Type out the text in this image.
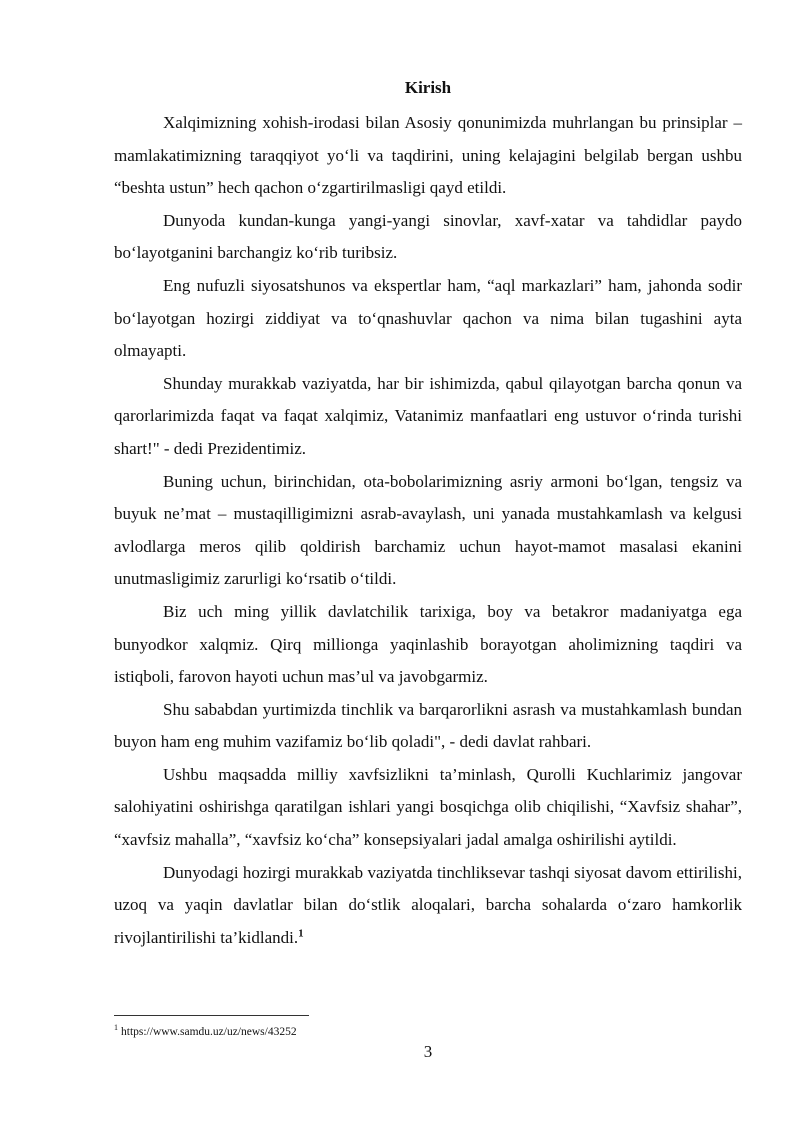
Kirish

Xalqimizning xohish-irodasi bilan Asosiy qonunimizda muhrlangan bu prinsiplar – mamlakatimizning taraqqiyot yo‘li va taqdirini, uning kelajagini belgilab bergan ushbu “beshta ustun” hech qachon o‘zgartirilmasligi qayd etildi.

Dunyoda kundan-kunga yangi-yangi sinovlar, xavf-xatar va tahdidlar paydo bo‘layotganini barchangiz ko‘rib turibsiz.

Eng nufuzli siyosatshunos va ekspertlar ham, “aql markazlari” ham, jahonda sodir bo‘layotgan hozirgi ziddiyat va to‘qnashuvlar qachon va nima bilan tugashini ayta olmayapti.

Shunday murakkab vaziyatda, har bir ishimizda, qabul qilayotgan barcha qonun va qarorlarimizda faqat va faqat xalqimiz, Vatanimiz manfaatlari eng ustuvor o‘rinda turishi shart!" - dedi Prezidentimiz.

Buning uchun, birinchidan, ota-bobolarimizning asriy armoni bo‘lgan, tengsiz va buyuk ne’mat – mustaqilligimizni asrab-avaylash, uni yanada mustahkamlash va kelgusi avlodlarga meros qilib qoldirish barchamiz uchun hayot-mamot masalasi ekanini unutmasligimiz zarurligi ko‘rsatib o‘tildi.

Biz uch ming yillik davlatchilik tarixiga, boy va betakror madaniyatga ega bunyodkor xalqmiz. Qirq millionga yaqinlashib borayotgan aholimizning taqdiri va istiqboli, farovon hayoti uchun mas’ul va javobgarmiz.

Shu sababdan yurtimizda tinchlik va barqarorlikni asrash va mustahkamlash bundan buyon ham eng muhim vazifamiz bo‘lib qoladi", - dedi davlat rahbari.

Ushbu maqsadda milliy xavfsizlikni ta’minlash, Qurolli Kuchlarimiz jangovar salohiyatini oshirishga qaratilgan ishlari yangi bosqichga olib chiqilishi, “Xavfsiz shahar”, “xavfsiz mahalla”, “xavfsiz ko‘cha” konsepsiyalari jadal amalga oshirilishi aytildi.

Dunyodagi hozirgi murakkab vaziyatda tinchliksevar tashqi siyosat davom ettirilishi, uzoq va yaqin davlatlar bilan do‘stlik aloqalari, barcha sohalarda o‘zaro hamkorlik rivojlantirilishi ta’kidlandi.$^1$

$^1$ https://www.samdu.uz/uz/news/43252
3
